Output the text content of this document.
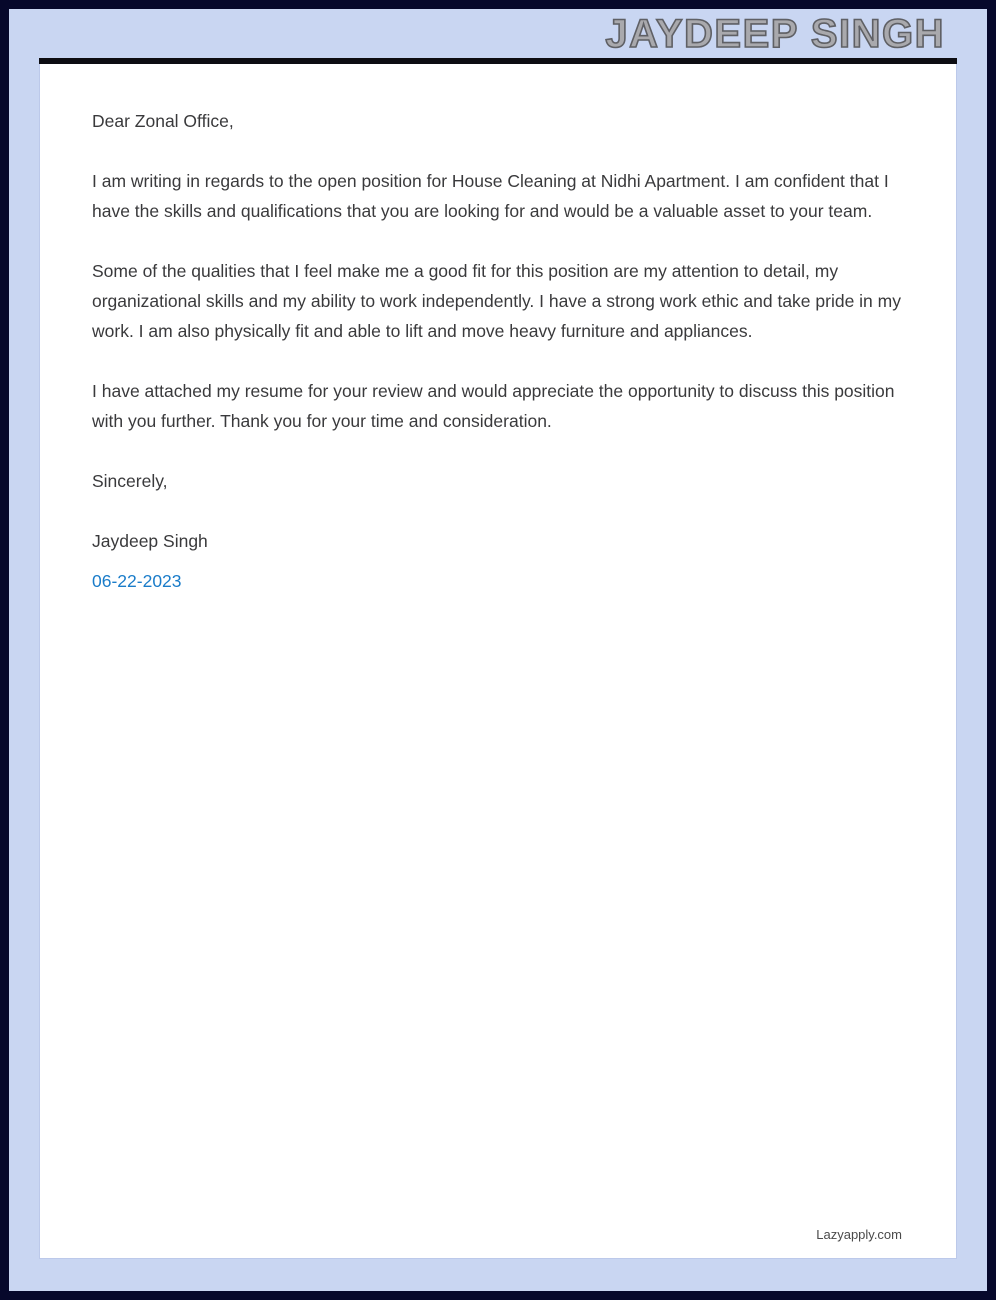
JAYDEEP SINGH

Dear Zonal Office,

I am writing in regards to the open position for House Cleaning at Nidhi Apartment. I am confident that I have the skills and qualifications that you are looking for and would be a valuable asset to your team.

Some of the qualities that I feel make me a good fit for this position are my attention to detail, my organizational skills and my ability to work independently. I have a strong work ethic and take pride in my work. I am also physically fit and able to lift and move heavy furniture and appliances.

I have attached my resume for your review and would appreciate the opportunity to discuss this position with you further. Thank you for your time and consideration.

Sincerely,

Jaydeep Singh

06-22-2023

Lazyapply.com
